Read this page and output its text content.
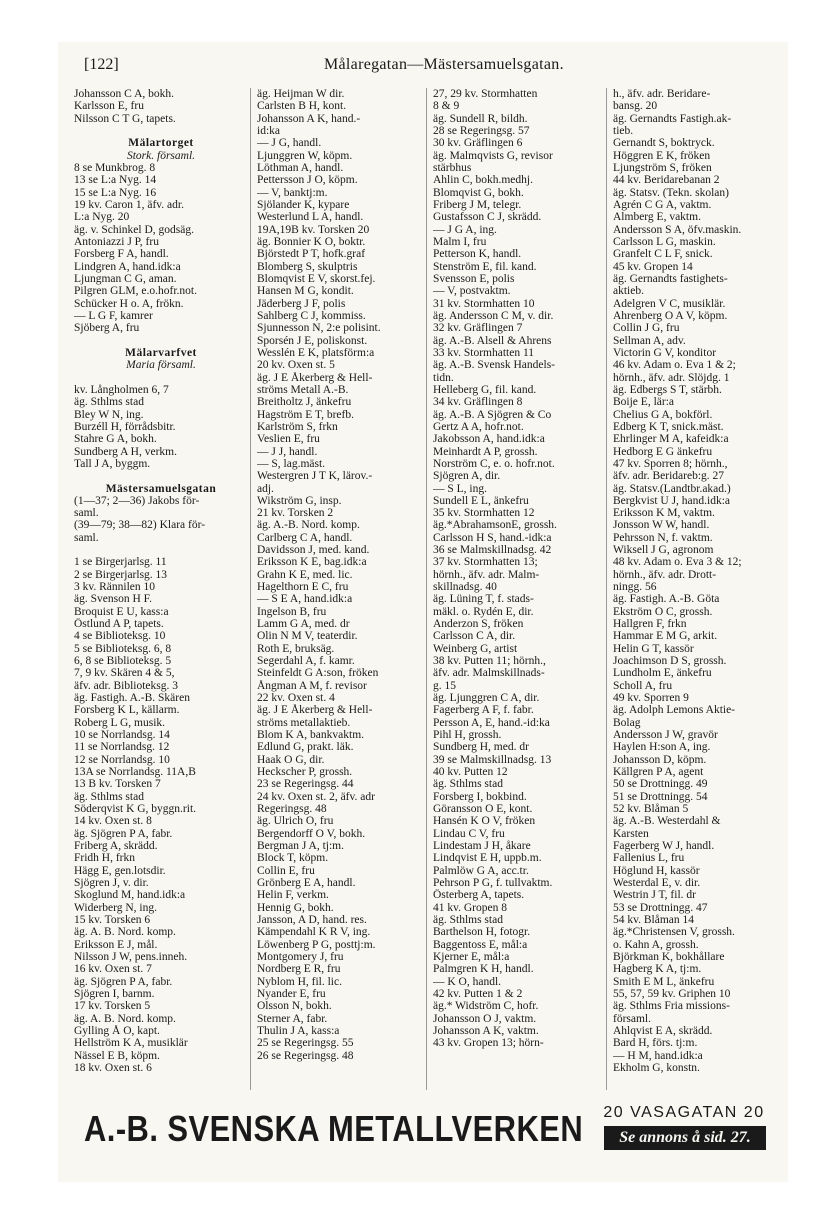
[122]	Målaregatan—Mästersamuelsgatan.
Johansson C A, bokh.
Karlsson E, fru
Nilsson C T G, tapets.
Mälartorget
Stork. församl.
8 se Munkbrog. 8
13 se L:a Nyg. 14
15 se L:a Nyg. 16
19 kv. Caron 1, äfv. adr.
L:a Nyg. 20
äg. v. Schinkel D, godsäg.
Antoniazzi J P, fru
Forsberg F A, handl.
Lindgren A, hand.idk:a
Ljungman C G, aman.
Pilgren GLM, e.o.hofr.not.
Schücker H o. A, frökn.
— L G F, kamrer
Sjöberg A, fru
Mälarvarfvet
Maria församl.
kv. Långholmen 6, 7
äg. Sthlms stad
Bley W N, ing.
Burzéll H, förrådsbitr.
Stahre G A, bokh.
Sundberg A H, verkm.
Tall J A, byggm.
Mästersamuelsgatan
(1—37; 2—36) Jakobs för-
saml.
(39—79; 38—82) Klara för-
saml.
1 se Birgerjarlsg. 11
2 se Birgerjarlsg. 13
3 kv. Rännilen 10
äg. Svenson H F.
Broquist E U, kass:a
Östlund A P, tapets.
4 se Biblioteksg. 10
5 se Biblioteksg. 6, 8
6, 8 se Biblioteksg. 5
7, 9 kv. Skären 4 & 5,
äfv. adr. Biblioteksg. 3
äg. Fastigh. A.-B. Skären
Forsberg K L, källarm.
Roberg L G, musik.
10 se Norrlandsg. 14
11 se Norrlandsg. 12
12 se Norrlandsg. 10
13A se Norrlandsg. 11A,B
13 B kv. Torsken 7
äg. Sthlms stad
Söderqvist K G, byggn.rit.
14 kv. Oxen st. 8
äg. Sjögren P A, fabr.
Friberg A, skrädd.
Fridh H, frkn
Hägg E, gen.lotsdir.
Sjögren J, v. dir.
Skoglund M, hand.idk:a
Widerberg N, ing.
15 kv. Torsken 6
äg. A. B. Nord. komp.
Eriksson E J, mål.
Nilsson J W, pens.inneh.
16 kv. Oxen st. 7
äg. Sjögren P A, fabr.
Sjögren I, barnm.
17 kv. Torsken 5
äg. A. B. Nord. komp.
Gylling Å O, kapt.
Hellström K A, musiklär
Nässel E B, köpm.
18 kv. Oxen st. 6
äg. Heijman W dir.
Carlsten B H, kont.
Johansson A K, hand.-
id:ka
— J G, handl.
Ljunggren W, köpm.
Löthman A, handl.
Pettersson J O, köpm.
— V, banktj:m.
Sjölander K, kypare
Westerlund L A, handl.
19A,19B kv. Torsken 20
äg. Bonnier K O, boktr.
Björstedt P T, hofk.graf
Blomberg S, skulptris
Blomqvist E V, skorst.fej.
Hansen M G, kondit.
Jäderberg J F, polis
Sahlberg C J, kommiss.
Sjunnesson N, 2:e polisint.
Sporsén J E, poliskonst.
Wesslén E K, platsförm:a
20 kv. Oxen st. 5
äg. J E Åkerberg & Hell-
ströms Metall A.-B.
Breitholtz J, änkefru
Hagström E T, brefb.
Karlström S, frkn
Veslien E, fru
— J J, handl.
— S, lag.mäst.
Westergren J T K, lärov.-
adj.
Wikström G, insp.
21 kv. Torsken 2
äg. A.-B. Nord. komp.
Carlberg C A, handl.
Davidsson J, med. kand.
Eriksson K E, bag.idk:a
Grahn K E, med. lic.
Hagelthorn E C, fru
— S E A, hand.idk:a
Ingelson B, fru
Lamm G A, med. dr
Olin N M V, teaterdir.
Roth E, bruksäg.
Segerdahl A, f. kamr.
Steinfeldt G A:son, fröken
Ångman A M, f. revisor
22 kv. Oxen st. 4
äg. J E Åkerberg & Hell-
ströms metallaktieb.
Blom K A, bankvaktm.
Edlund G, prakt. läk.
Haak O G, dir.
Heckscher P, grossh.
23 se Regeringsg. 44
24 kv. Oxen st. 2, äfv. adr
Regeringsg. 48
äg. Ulrich O, fru
Bergendorff O V, bokh.
Bergman J A, tj:m.
Block T, köpm.
Collin E, fru
Grönberg E A, handl.
Helin F, verkm.
Hennig G, bokh.
Jansson, A D, hand. res.
Kämpendahl K R V, ing.
Löwenberg P G, posttj:m.
Montgomery J, fru
Nordberg E R, fru
Nyblom H, fil. lic.
Nyander E, fru
Olsson N, bokh.
Sterner A, fabr.
Thulin J A, kass:a
25 se Regeringsg. 55
26 se Regeringsg. 48
27, 29 kv. Stormhatten
8 & 9
äg. Sundell R, bildh.
28 se Regeringsg. 57
30 kv. Gräflingen 6
äg. Malmqvists G, revisor
stärbhus
Ahlin C, bokh.medhj.
Blomqvist G, bokh.
Friberg J M, telegr.
Gustafsson C J, skrädd.
— J G A, ing.
Malm I, fru
Petterson K, handl.
Stenström E, fil. kand.
Svensson E, polis
— V, postvaktm.
31 kv. Stormhatten 10
äg. Andersson C M, v. dir.
32 kv. Gräflingen 7
äg. A.-B. Alsell & Ahrens
33 kv. Stormhatten 11
äg. A.-B. Svensk Handels-
tidn.
Helleberg G, fil. kand.
34 kv. Gräflingen 8
äg. A.-B. A Sjögren & Co
Gertz A A, hofr.not.
Jakobsson A, hand.idk:a
Meinhardt A P, grossh.
Norström C, e. o. hofr.not.
Sjögren A, dir.
— S L, ing.
Sundell E L, änkefru
35 kv. Stormhatten 12
äg.*AbrahamsonE, grossh.
Carlsson H S, hand.-idk:a
36 se Malmskillnadsg. 42
37 kv. Stormhatten 13;
hörnh., äfv. adr. Malm-
skillnadsg. 40
äg. Lüning T, f. stads-
mäkl. o. Rydén E, dir.
Anderzon S, fröken
Carlsson C A, dir.
Weinberg G, artist
38 kv. Putten 11; hörnh.,
äfv. adr. Malmskillnads-
g. 15
äg. Ljunggren C A, dir.
Fagerberg A F, f. fabr.
Persson A, E, hand.-id:ka
Pihl H, grossh.
Sundberg H, med. dr
39 se Malmskillnadsg. 13
40 kv. Putten 12
äg. Sthlms stad
Forsberg I, bokbind.
Göransson O E, kont.
Hansén K O V, fröken
Lindau C V, fru
Lindestam J H, åkare
Lindqvist E H, uppb.m.
Palmlöw G A, acc.tr.
Pehrson P G, f. tullvaktm.
Österberg A, tapets.
41 kv. Gropen 8
äg. Sthlms stad
Barthelson H, fotogr.
Baggentoss E, mål:a
Kjerner E, mål:a
Palmgren K H, handl.
— K O, handl.
42 kv. Putten 1 & 2
äg.* Widström C, hofr.
Johansson O J, vaktm.
Johansson A K, vaktm.
43 kv. Gropen 13; hörn-
h., äfv. adr. Beridare-
bansg. 20
äg. Gernandts Fastigh.ak-
tieb.
Gernandt S, boktryck.
Höggren E K, fröken
Ljungström S, fröken
44 kv. Beridarebanan 2
äg. Statsv. (Tekn. skolan)
Agrén C G A, vaktm.
Almberg E, vaktm.
Andersson S A, öfv.maskin.
Carlsson L G, maskin.
Granfelt C L F, snick.
45 kv. Gropen 14
äg. Gernandts fastighets-
aktieb.
Adelgren V C, musiklär.
Ahrenberg O A V, köpm.
Collin J G, fru
Sellman A, adv.
Victorin G V, konditor
46 kv. Adam o. Eva 1 & 2;
hörnh., äfv. adr. Slöjdg. 1
äg. Edbergs S T, stärbh.
Boije E, lär:a
Chelius G A, bokförl.
Edberg K T, snick.mäst.
Ehrlinger M A, kafeidk:a
Hedborg E G änkefru
47 kv. Sporren 8; hörnh.,
äfv. adr. Beridareb:g. 27
äg. Statsv.(Landtbr.akad.)
Bergkvist U J, hand.idk:a
Eriksson K M, vaktm.
Jonsson W W, handl.
Pehrsson N, f. vaktm.
Wiksell J G, agronom
48 kv. Adam o. Eva 3 & 12;
hörnh., äfv. adr. Drott-
ningg. 56
äg. Fastigh. A.-B. Göta
Ekström O C, grossh.
Hallgren F, frkn
Hammar E M G, arkit.
Helin G T, kassör
Joachimson D S, grossh.
Lundholm E, änkefru
Scholl A, fru
49 kv. Sporren 9
äg. Adolph Lemons Aktie-
Bolag
Andersson J W, gravör
Haylen H:son A, ing.
Johansson D, köpm.
Källgren P A, agent
50 se Drottningg. 49
51 se Drottningg. 54
52 kv. Blåman 5
äg. A.-B. Westerdahl &
Karsten
Fagerberg W J, handl.
Fallenius L, fru
Höglund H, kassör
Westerdal E, v. dir.
Westrin J T, fil. dr
53 se Drottningg. 47
54 kv. Blåman 14
äg.*Christensen V, grossh.
o. Kahn A, grossh.
Björkman K, bokhållare
Hagberg K A, tj:m.
Smith E M L, änkefru
55, 57, 59 kv. Griphen 10
äg. Sthlms Fria missions-
församl.
Ahlqvist E A, skrädd.
Bard H, förs. tj:m.
— H M, hand.idk:a
Ekholm G, konstn.
A.-B. SVENSKA METALLVERKEN	20 VASAGATAN 20
Se annons å sid. 27.
